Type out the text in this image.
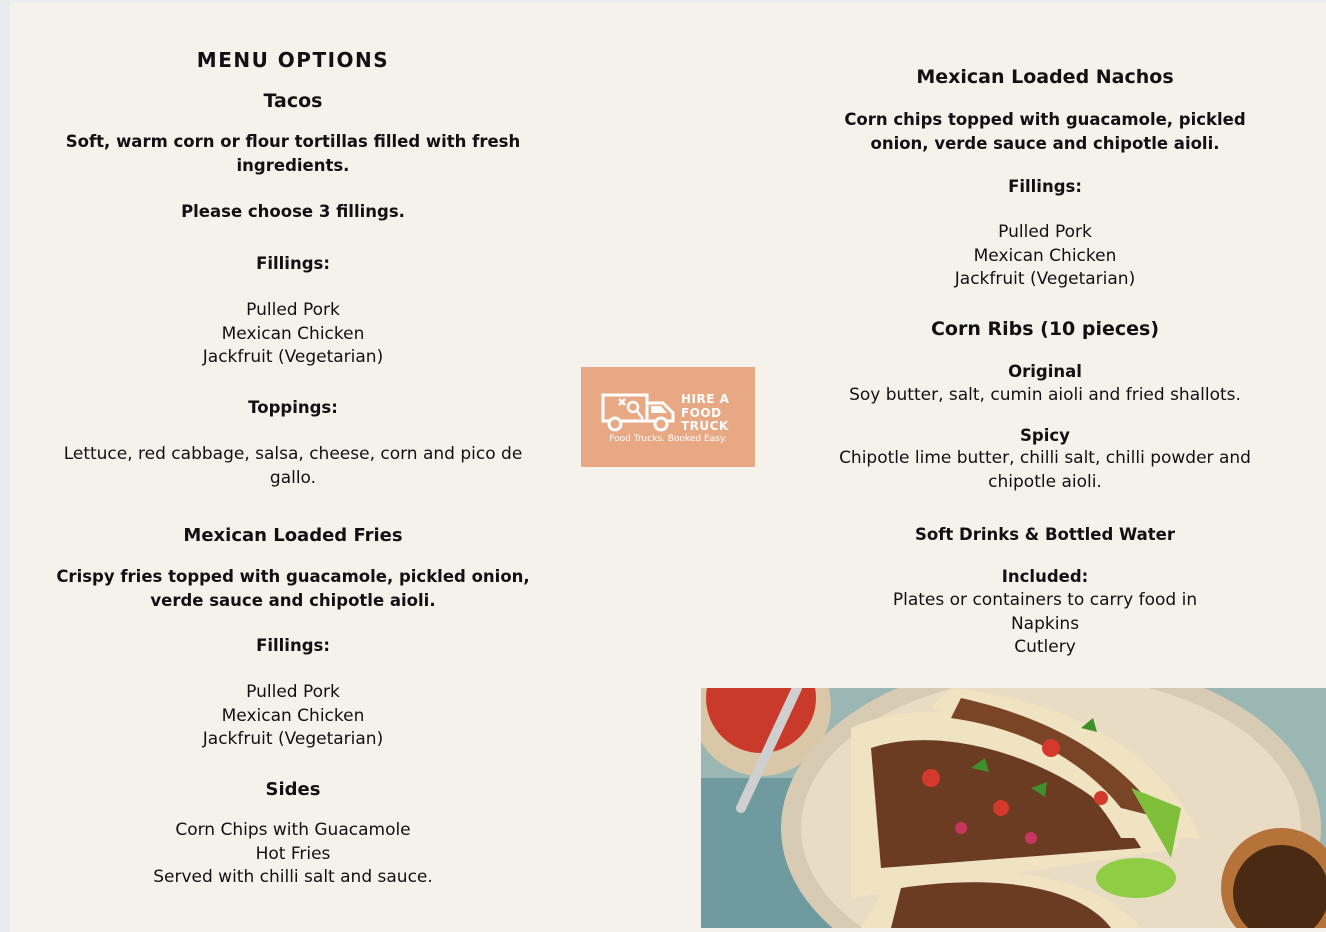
MENU OPTIONS

Tacos

Soft, warm corn or flour tortillas filled with fresh ingredients.

Please choose 3 fillings.

Fillings:

Pulled Pork
Mexican Chicken
Jackfruit (Vegetarian)

Toppings:

Lettuce, red cabbage, salsa, cheese, corn and pico de gallo.

Mexican Loaded Fries

Crispy fries topped with guacamole, pickled onion, verde sauce and chipotle aioli.

Fillings:

Pulled Pork
Mexican Chicken
Jackfruit (Vegetarian)

Sides

Corn Chips with Guacamole
Hot Fries
Served with chilli salt and sauce.
HIRE A
FOOD
TRUCK
Food Trucks. Booked Easy.

Mexican Loaded Nachos

Corn chips topped with guacamole, pickled onion, verde sauce and chipotle aioli.

Fillings:

Pulled Pork
Mexican Chicken
Jackfruit (Vegetarian)

Corn Ribs (10 pieces)

Original

Soy butter, salt, cumin aioli and fried shallots.

Spicy

Chipotle lime butter, chilli salt, chilli powder and chipotle aioli.

Soft Drinks & Bottled Water

Included:

Plates or containers to carry food in
Napkins
Cutlery
